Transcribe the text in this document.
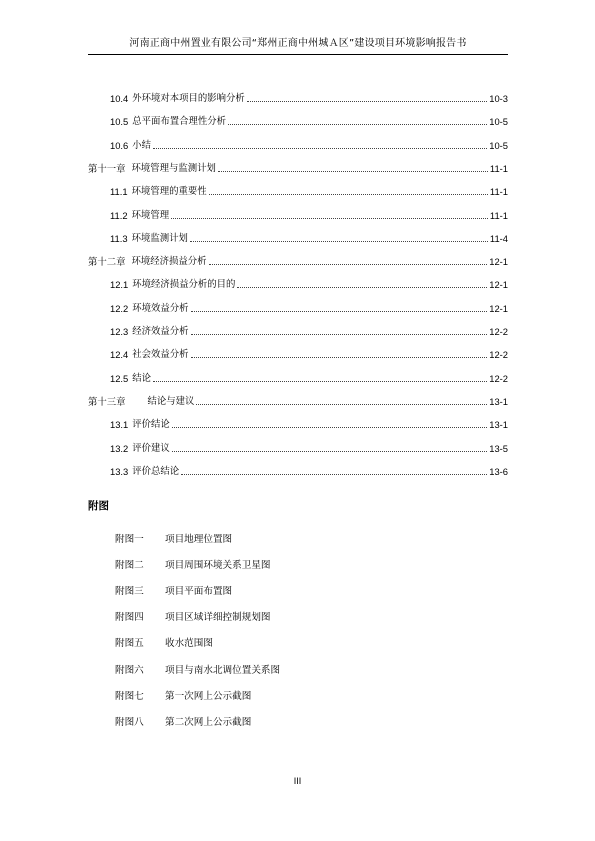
河南正商中州置业有限公司“郑州正商中州城Ａ区”建设项目环境影响报告书
10.4 外环境对本项目的影响分析	10-3
10.5 总平面布置合理性分析	10-5
10.6 小结	10-5
第十一章 环境管理与监测计划	11-1
11.1 环境管理的重要性	11-1
11.2 环境管理	11-1
11.3 环境监测计划	11-4
第十二章 环境经济损益分析	12-1
12.1 环境经济损益分析的目的	12-1
12.2 环境效益分析	12-1
12.3 经济效益分析	12-2
12.4 社会效益分析	12-2
12.5 结论	12-2
第十三章 结论与建议	13-1
13.1 评价结论	13-1
13.2 评价建议	13-5
13.3 评价总结论	13-6
附图
附图一 项目地理位置图
附图二 项目周围环境关系卫星图
附图三 项目平面布置图
附图四 项目区域详细控制规划图
附图五 收水范围图
附图六 项目与南水北调位置关系图
附图七 第一次网上公示截图
附图八 第二次网上公示截图
III
